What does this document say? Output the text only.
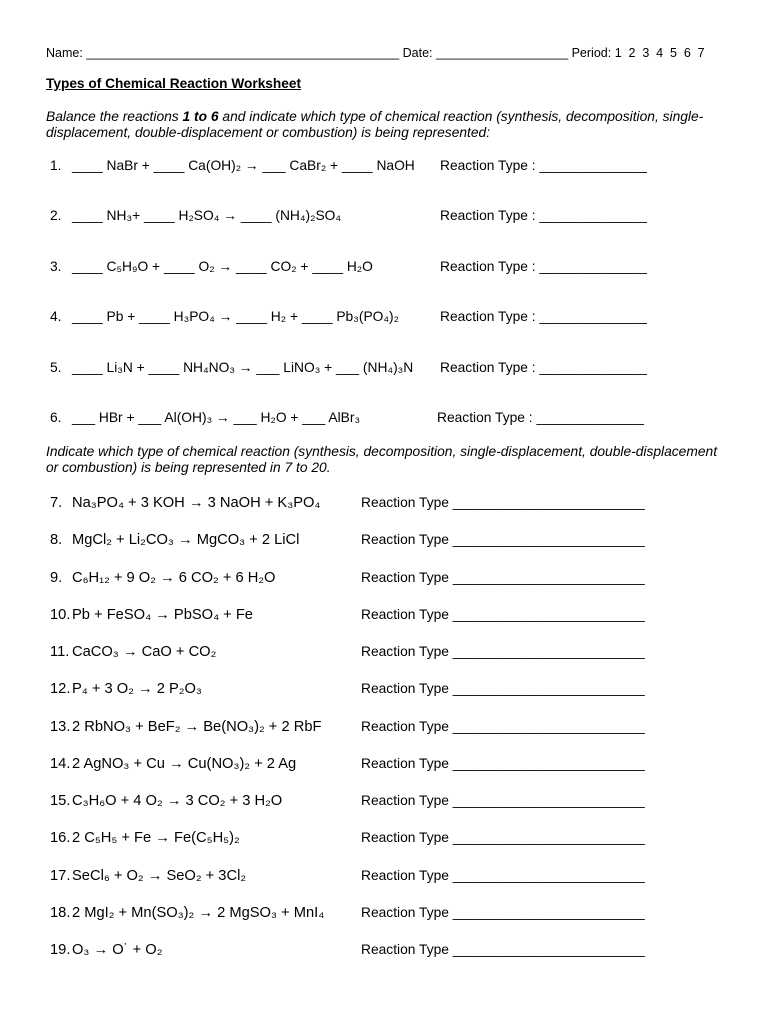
Name: _____________________________________________ Date: ___________________ Period: 1 2 3 4 5 6 7
Types of Chemical Reaction Worksheet

Balance the reactions 1 to 6 and indicate which type of chemical reaction (synthesis, decomposition, single-displacement, double-displacement or combustion) is being represented:

1. ____ NaBr + ____ Ca(OH)₂ → ___ CaBr₂ + ____ NaOH	Reaction Type : ______________
2. ____ NH₃+ ____ H₂SO₄ → ____ (NH₄)₂SO₄	Reaction Type : ______________
3. ____ C₅H₉O + ____ O₂ → ____ CO₂ + ____ H₂O	Reaction Type : ______________
4. ____ Pb + ____ H₃PO₄ → ____ H₂ + ____ Pb₃(PO₄)₂	Reaction Type : ______________
5. ____ Li₃N + ____ NH₄NO₃ → ___ LiNO₃ + ___ (NH₄)₃N	Reaction Type : ______________
6. ___ HBr + ___ Al(OH)₃ → ___ H₂O + ___ AlBr₃	Reaction Type : ______________

Indicate which type of chemical reaction (synthesis, decomposition, single-displacement, double-displacement or combustion) is being represented in 7 to 20.

7. Na₃PO₄ + 3 KOH → 3 NaOH + K₃PO₄	Reaction Type _________________________
8. MgCl₂ + Li₂CO₃ → MgCO₃ + 2 LiCl	Reaction Type _________________________
9. C₆H₁₂ + 9 O₂ → 6 CO₂ + 6 H₂O	Reaction Type _________________________
10. Pb + FeSO₄ → PbSO₄ + Fe	Reaction Type _________________________
11. CaCO₃ → CaO + CO₂	Reaction Type _________________________
12. P₄ + 3 O₂ → 2 P₂O₃	Reaction Type _________________________
13. 2 RbNO₃ + BeF₂ → Be(NO₃)₂ + 2 RbF	Reaction Type _________________________
14. 2 AgNO₃ + Cu → Cu(NO₃)₂ + 2 Ag	Reaction Type _________________________
15. C₃H₆O + 4 O₂ → 3 CO₂ + 3 H₂O	Reaction Type _________________________
16. 2 C₅H₅ + Fe → Fe(C₅H₅)₂	Reaction Type _________________________
17. SeCl₆ + O₂ → SeO₂ + 3Cl₂	Reaction Type _________________________
18. 2 MgI₂ + Mn(SO₃)₂ → 2 MgSO₃ + MnI₄	Reaction Type _________________________
19. O₃ → O˙ + O₂	Reaction Type _________________________
